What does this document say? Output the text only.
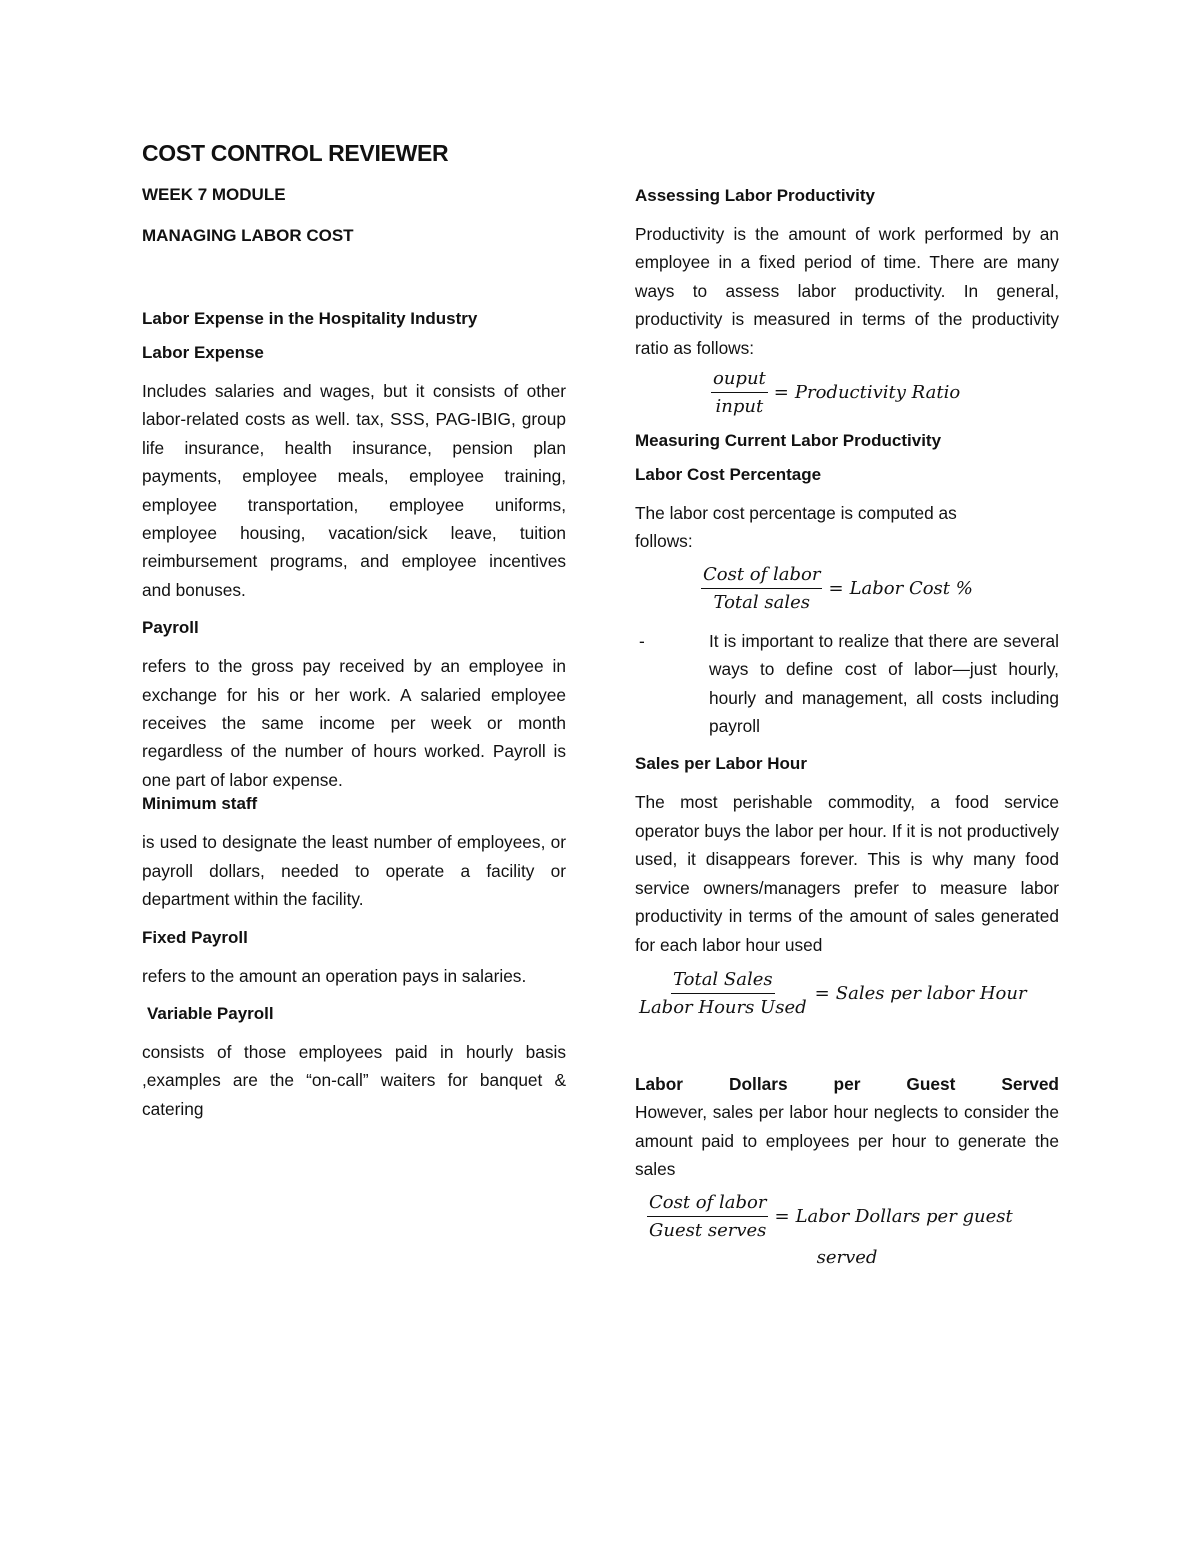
COST CONTROL REVIEWER
WEEK 7 MODULE
MANAGING LABOR COST
Labor Expense in the Hospitality Industry
Labor Expense

Includes salaries and wages, but it consists of other labor-related costs as well. tax, SSS, PAG-IBIG, group life insurance, health insurance, pension plan payments, employee meals, employee training, employee transportation, employee uniforms, employee housing, vacation/sick leave, tuition reimbursement programs, and employee incentives and bonuses.

Payroll

refers to the gross pay received by an employee in exchange for his or her work. A salaried employee receives the same income per week or month regardless of the number of hours worked. Payroll is one part of labor expense.

Minimum staff

is used to designate the least number of employees, or payroll dollars, needed to operate a facility or department within the facility.

Fixed Payroll

refers to the amount an operation pays in salaries.

Variable Payroll

consists of those employees paid in hourly basis ,examples are the “on-call” waiters for banquet & catering

Assessing Labor Productivity

Productivity is the amount of work performed by an employee in a fixed period of time. There are many ways to assess labor productivity. In general, productivity is measured in terms of the productivity ratio as follows:

$\frac{\text{ouput}}{\text{input}}$ = Productivity Ratio
Measuring Current Labor Productivity
Labor Cost Percentage

The labor cost percentage is computed as follows:

$\frac{\text{Cost of labor}}{\text{Total sales}}$ = Labor Cost %
-	It is important to realize that there are several ways to define cost of labor—just hourly, hourly and management, all costs including payroll
Sales per Labor Hour

The most perishable commodity, a food service operator buys the labor per hour. If it is not productively used, it disappears forever. This is why many food service owners/managers prefer to measure labor productivity in terms of the amount of sales generated for each labor hour used

$\frac{\text{Total Sales}}{\text{Labor Hours Used}}$ = Sales per labor Hour

Labor Dollars per Guest Served
However, sales per labor hour neglects to consider the amount paid to employees per hour to generate the sales

$\frac{\text{Cost of labor}}{\text{Guest serves}}$ = Labor Dollars per guest
served
